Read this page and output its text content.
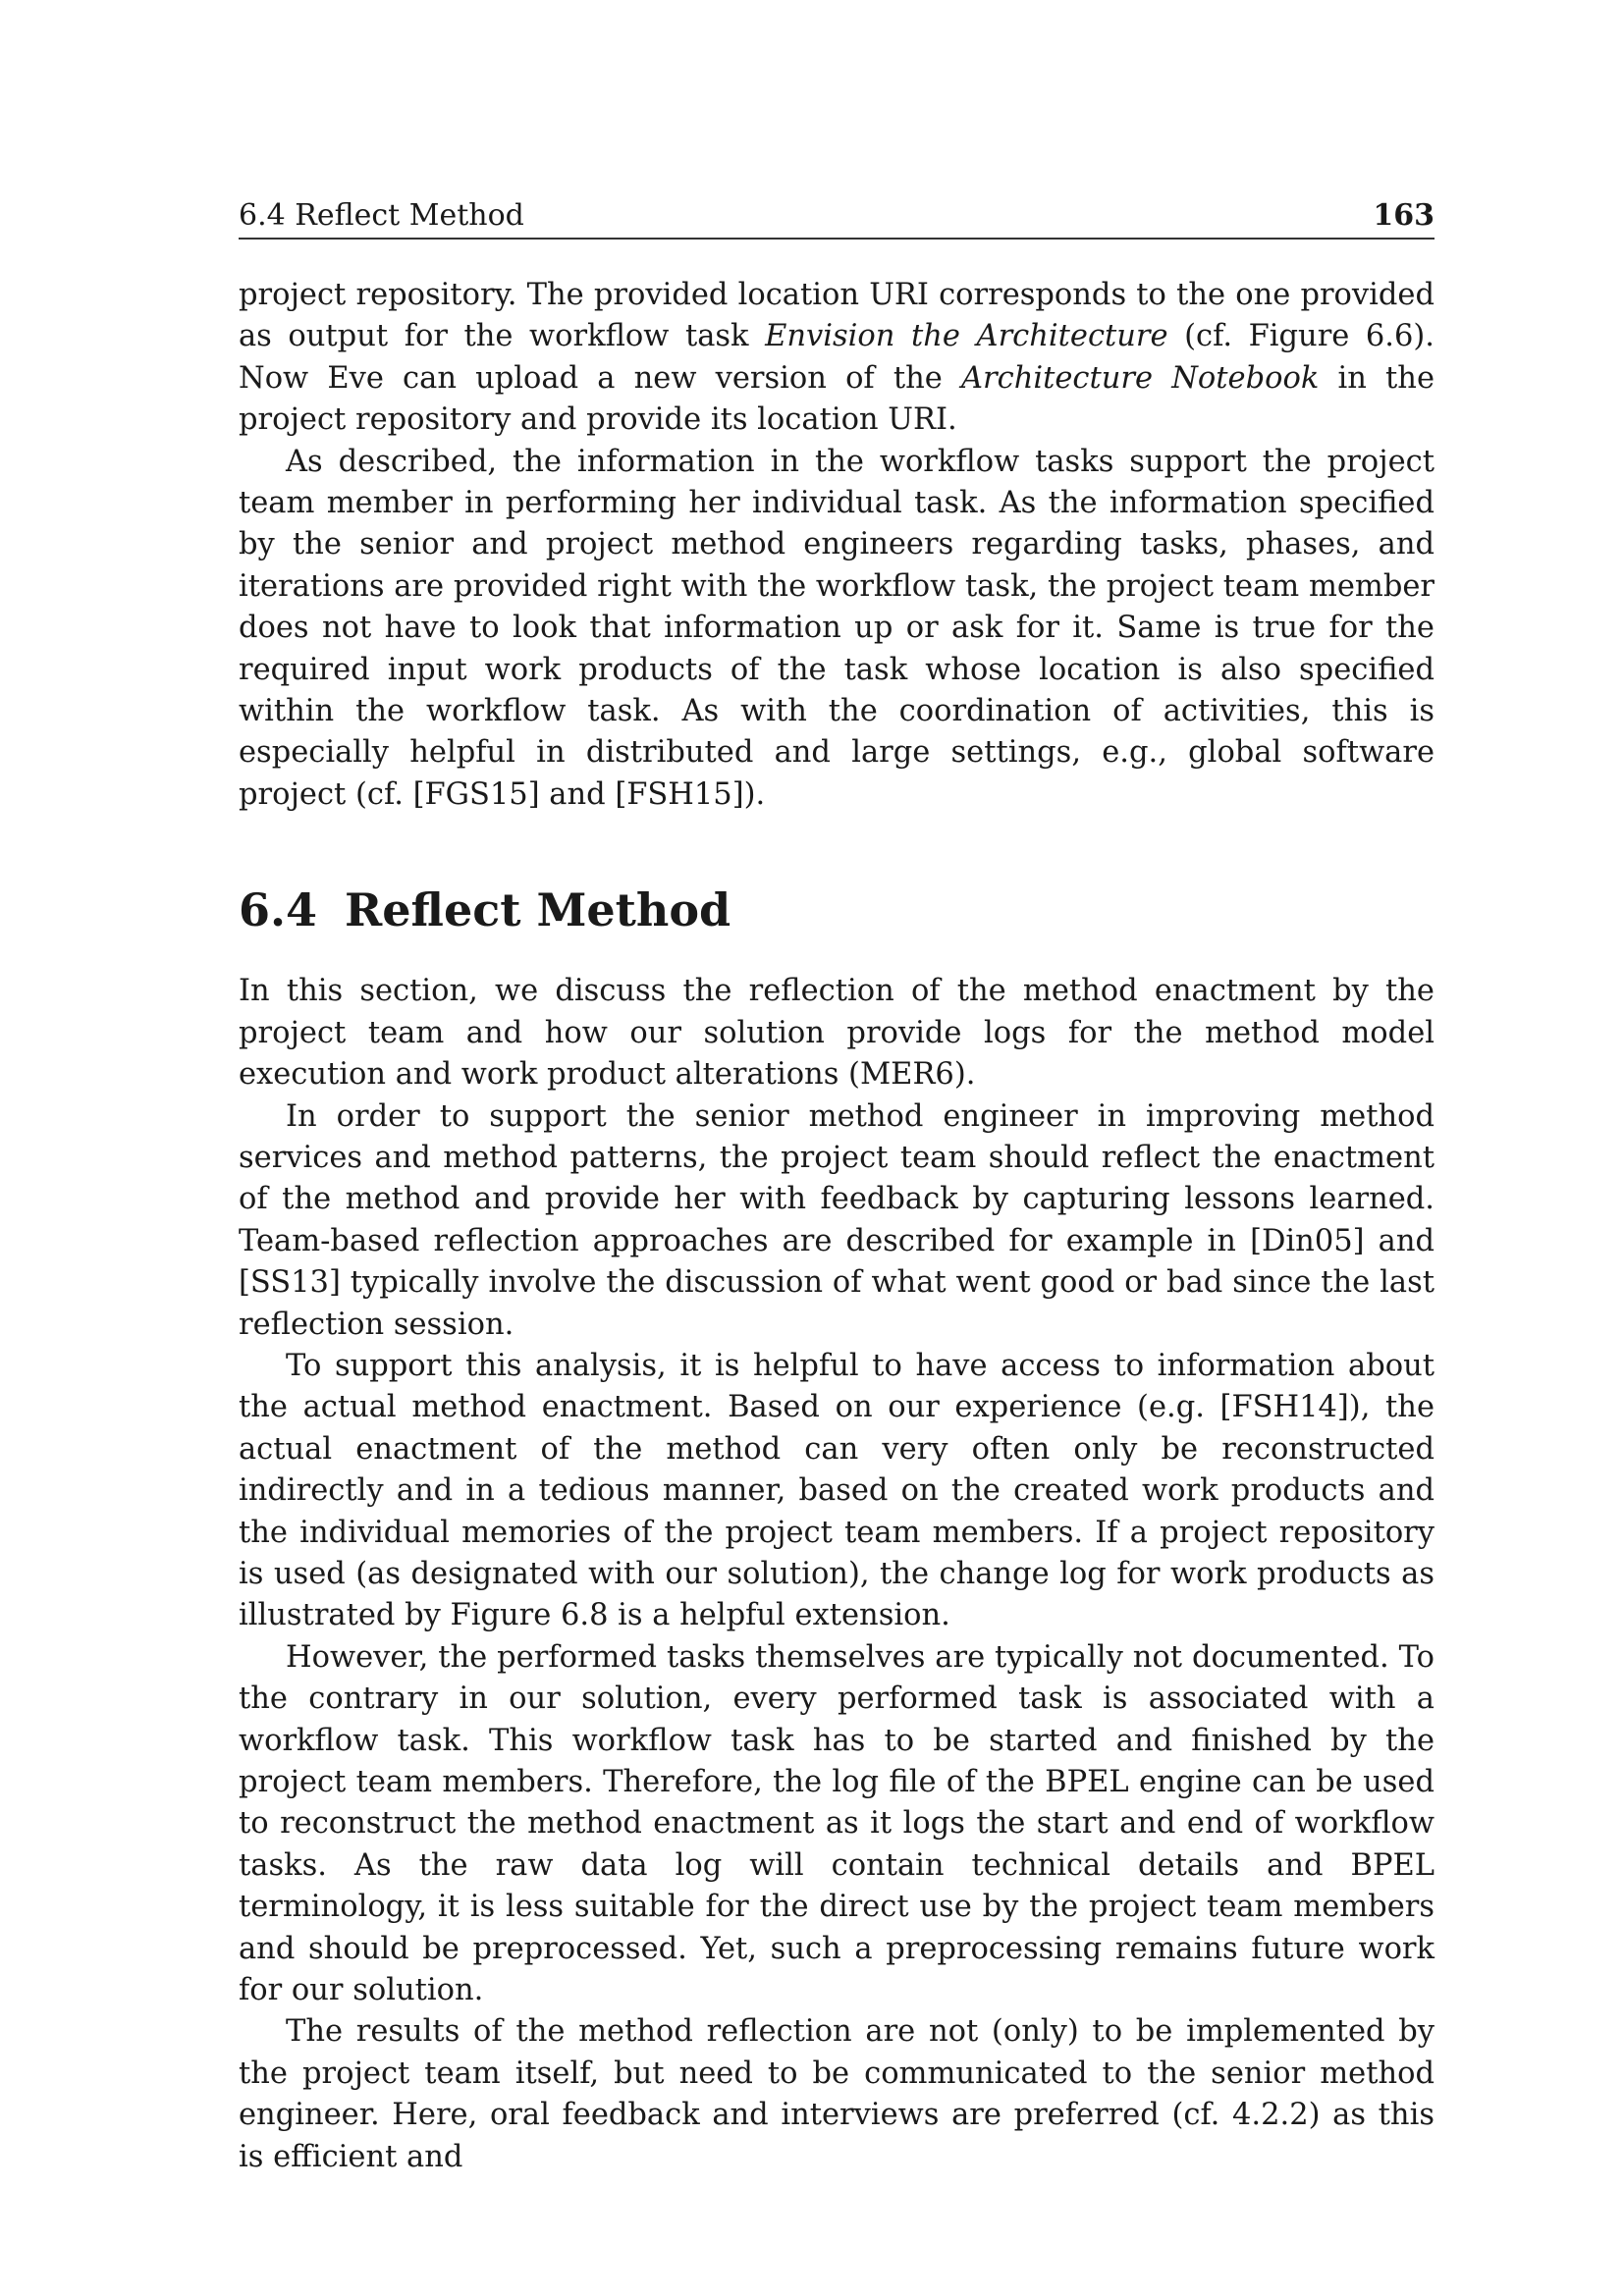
6.4 Reflect Method	163

project repository. The provided location URI corresponds to the one provided as output for the workflow task Envision the Architecture (cf. Figure 6.6). Now Eve can upload a new version of the Architecture Notebook in the project repository and provide its location URI.

As described, the information in the workflow tasks support the project team member in performing her individual task. As the information specified by the senior and project method engineers regarding tasks, phases, and iterations are provided right with the workflow task, the project team member does not have to look that information up or ask for it. Same is true for the required input work products of the task whose location is also specified within the workflow task. As with the coordination of activities, this is especially helpful in distributed and large settings, e.g., global software project (cf. [FGS15] and [FSH15]).

6.4 Reflect Method

In this section, we discuss the reflection of the method enactment by the project team and how our solution provide logs for the method model execution and work product alterations (MER6).

In order to support the senior method engineer in improving method services and method patterns, the project team should reflect the enactment of the method and provide her with feedback by capturing lessons learned. Team-based reflection approaches are described for example in [Din05] and [SS13] typically involve the discussion of what went good or bad since the last reflection session.

To support this analysis, it is helpful to have access to information about the actual method enactment. Based on our experience (e.g. [FSH14]), the actual enactment of the method can very often only be reconstructed indirectly and in a tedious manner, based on the created work products and the individual memories of the project team members. If a project repository is used (as designated with our solution), the change log for work products as illustrated by Figure 6.8 is a helpful extension.

However, the performed tasks themselves are typically not documented. To the contrary in our solution, every performed task is associated with a workflow task. This workflow task has to be started and finished by the project team members. Therefore, the log file of the BPEL engine can be used to reconstruct the method enactment as it logs the start and end of workflow tasks. As the raw data log will contain technical details and BPEL terminology, it is less suitable for the direct use by the project team members and should be preprocessed. Yet, such a preprocessing remains future work for our solution.

The results of the method reflection are not (only) to be implemented by the project team itself, but need to be communicated to the senior method engineer. Here, oral feedback and interviews are preferred (cf. 4.2.2) as this is efficient and
